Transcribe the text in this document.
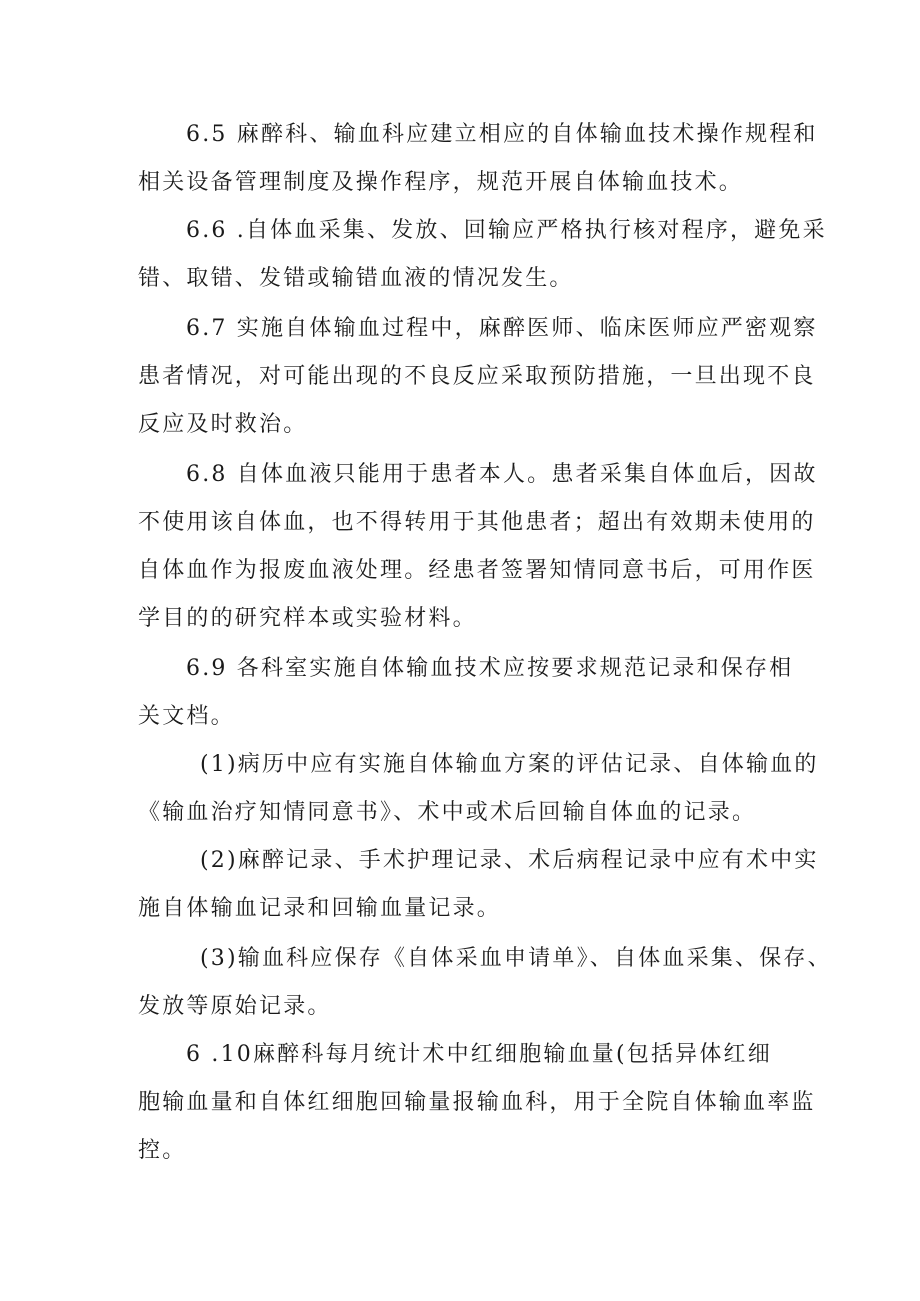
6.5 麻醉科、输血科应建立相应的自体输血技术操作规程和
相关设备管理制度及操作程序，规范开展自体输血技术。
6.6 .自体血采集、发放、回输应严格执行核对程序，避免采
错、取错、发错或输错血液的情况发生。
6.7 实施自体输血过程中，麻醉医师、临床医师应严密观察
患者情况，对可能出现的不良反应采取预防措施，一旦出现不良
反应及时救治。
6.8 自体血液只能用于患者本人。患者采集自体血后，因故
不使用该自体血，也不得转用于其他患者；超出有效期未使用的
自体血作为报废血液处理。经患者签署知情同意书后，可用作医
学目的的研究样本或实验材料。
6.9 各科室实施自体输血技术应按要求规范记录和保存相
关文档。
(1)病历中应有实施自体输血方案的评估记录、自体输血的
《输血治疗知情同意书》、术中或术后回输自体血的记录。
(2)麻醉记录、手术护理记录、术后病程记录中应有术中实
施自体输血记录和回输血量记录。
(3)输血科应保存《自体采血申请单》、自体血采集、保存、
发放等原始记录。
6 .10麻醉科每月统计术中红细胞输血量(包括异体红细
胞输血量和自体红细胞回输量报输血科，用于全院自体输血率监
控。
